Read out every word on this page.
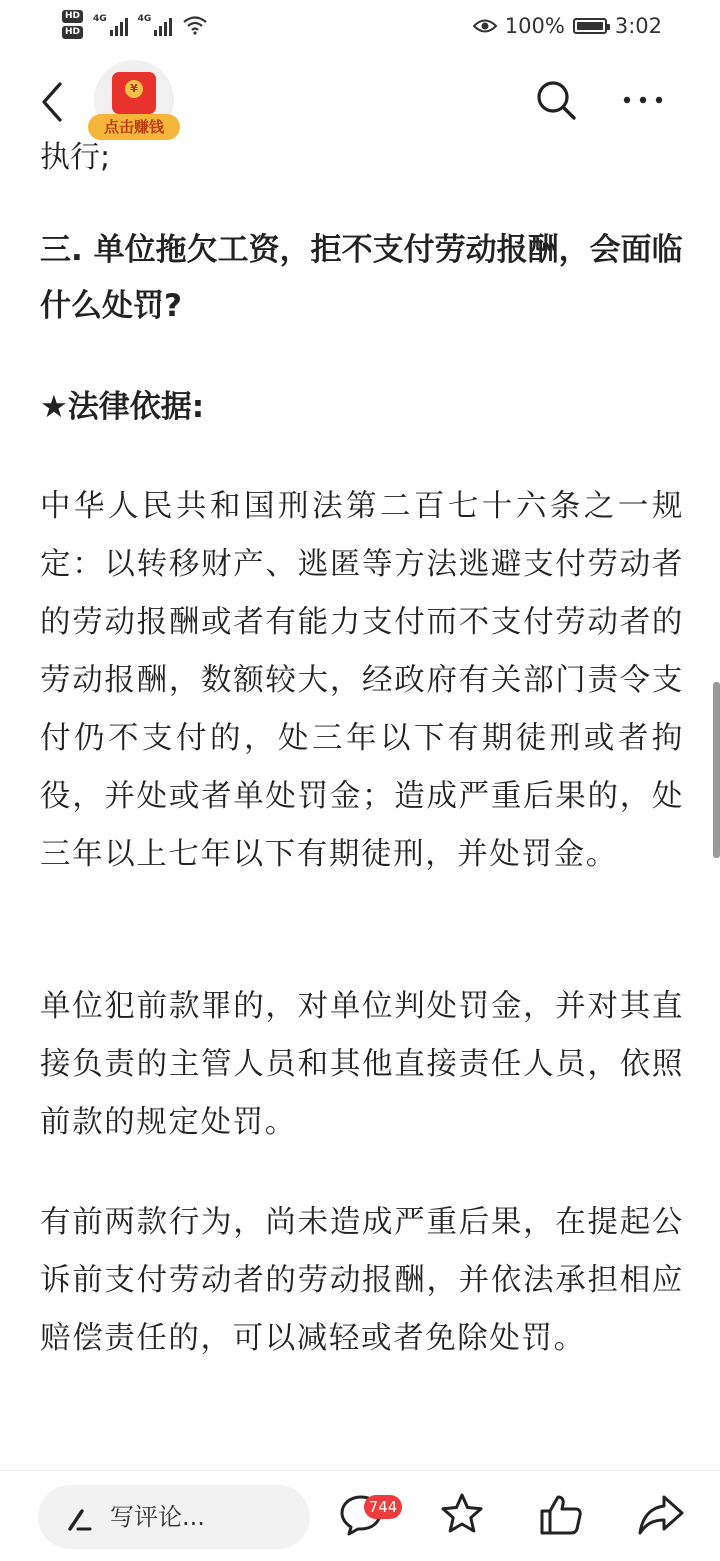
HD
HD
4G	4G	100% 3:02
¥
点击赚钱
执行;
三. 单位拖欠工资，拒不支付劳动报酬，会面临什么处罚?
★法律依据:
中华人民共和国刑法第二百七十六条之一规定：以转移财产、逃匿等方法逃避支付劳动者的劳动报酬或者有能力支付而不支付劳动者的劳动报酬，数额较大，经政府有关部门责令支付仍不支付的，处三年以下有期徒刑或者拘役，并处或者单处罚金；造成严重后果的，处三年以上七年以下有期徒刑，并处罚金。
单位犯前款罪的，对单位判处罚金，并对其直接负责的主管人员和其他直接责任人员，依照前款的规定处罚。
有前两款行为，尚未造成严重后果，在提起公诉前支付劳动者的劳动报酬，并依法承担相应赔偿责任的，可以减轻或者免除处罚。
写评论...	744
